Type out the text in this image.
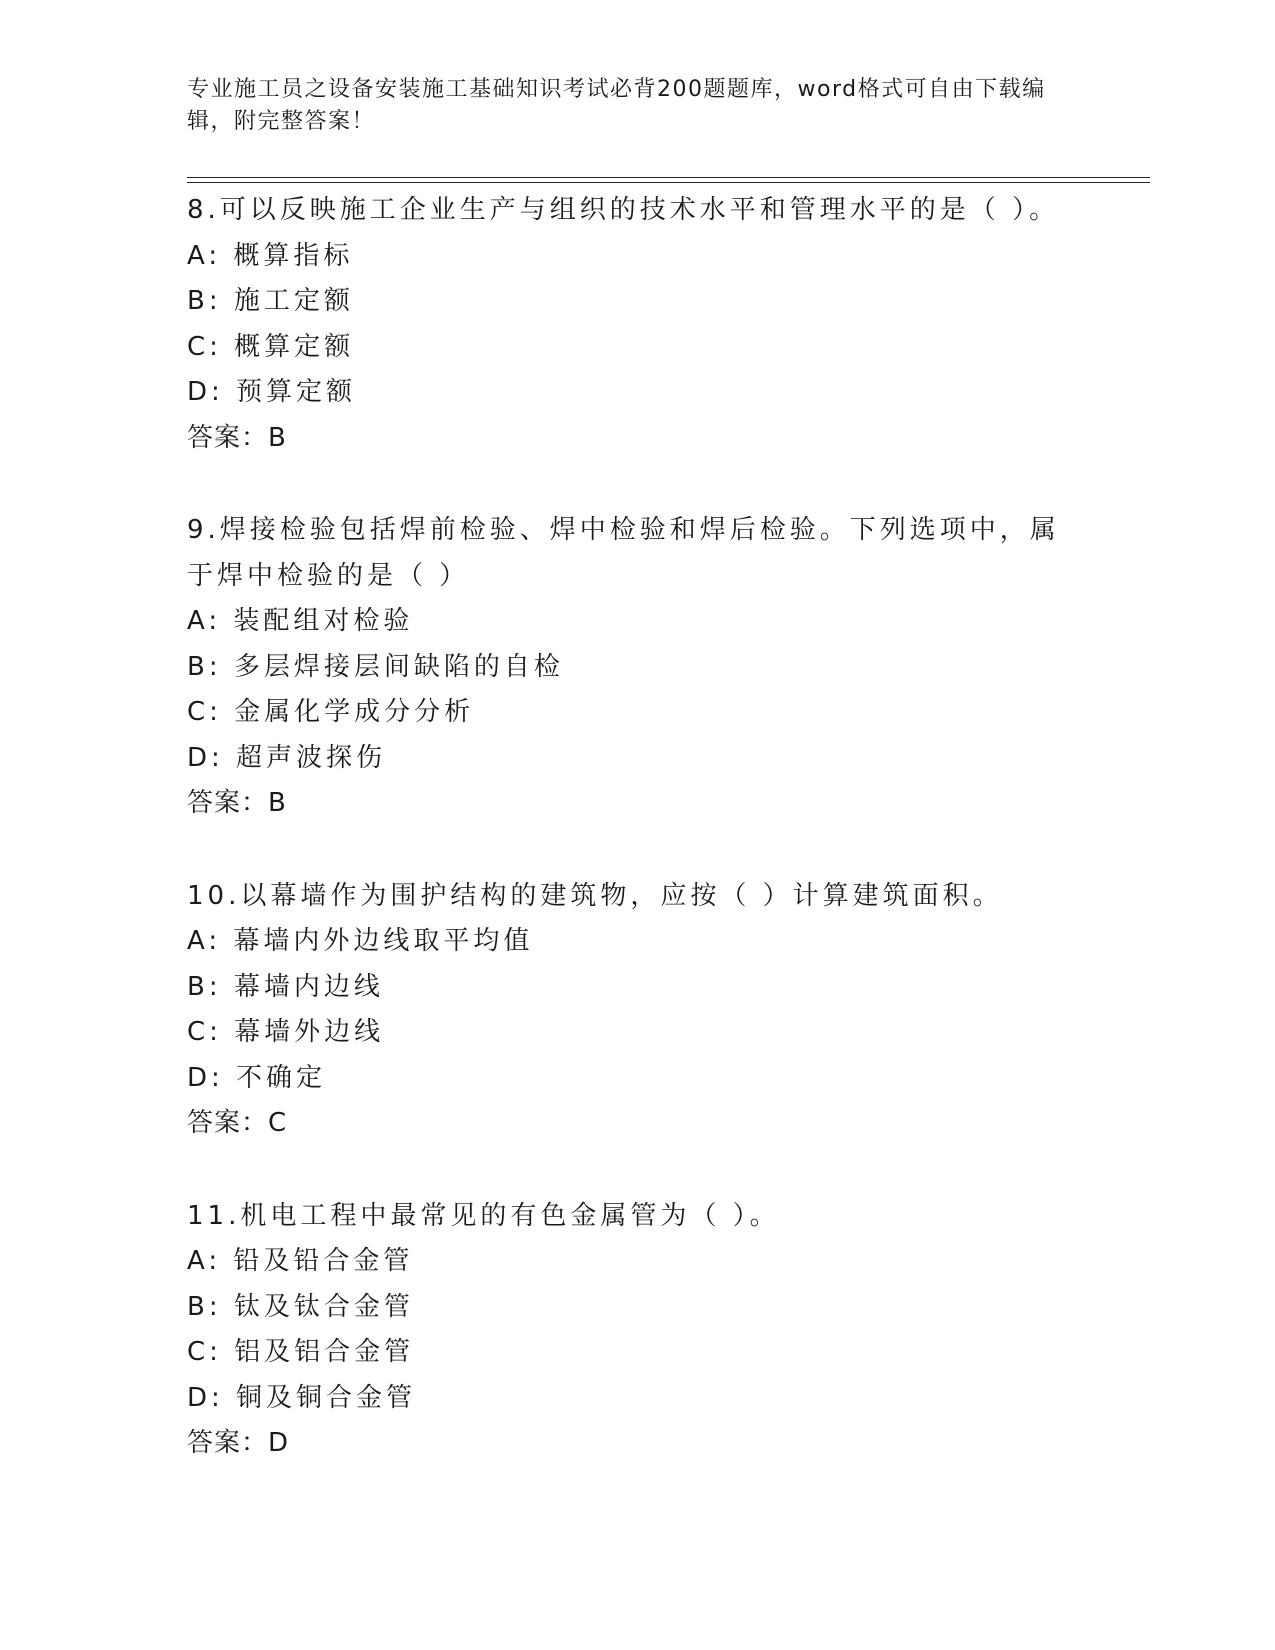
专业施工员之设备安装施工基础知识考试必背200题题库，word格式可自由下载编辑，附完整答案！
8.可以反映施工企业生产与组织的技术水平和管理水平的是（ ）。
A: 概算指标
B: 施工定额
C: 概算定额
D: 预算定额
答案：B
9.焊接检验包括焊前检验、焊中检验和焊后检验。下列选项中，属于焊中检验的是（ ）
A: 装配组对检验
B: 多层焊接层间缺陷的自检
C: 金属化学成分分析
D: 超声波探伤
答案：B
10.以幕墙作为围护结构的建筑物，应按（ ）计算建筑面积。
A: 幕墙内外边线取平均值
B: 幕墙内边线
C: 幕墙外边线
D: 不确定
答案：C
11.机电工程中最常见的有色金属管为（ ）。
A: 铅及铅合金管
B: 钛及钛合金管
C: 铝及铝合金管
D: 铜及铜合金管
答案：D
